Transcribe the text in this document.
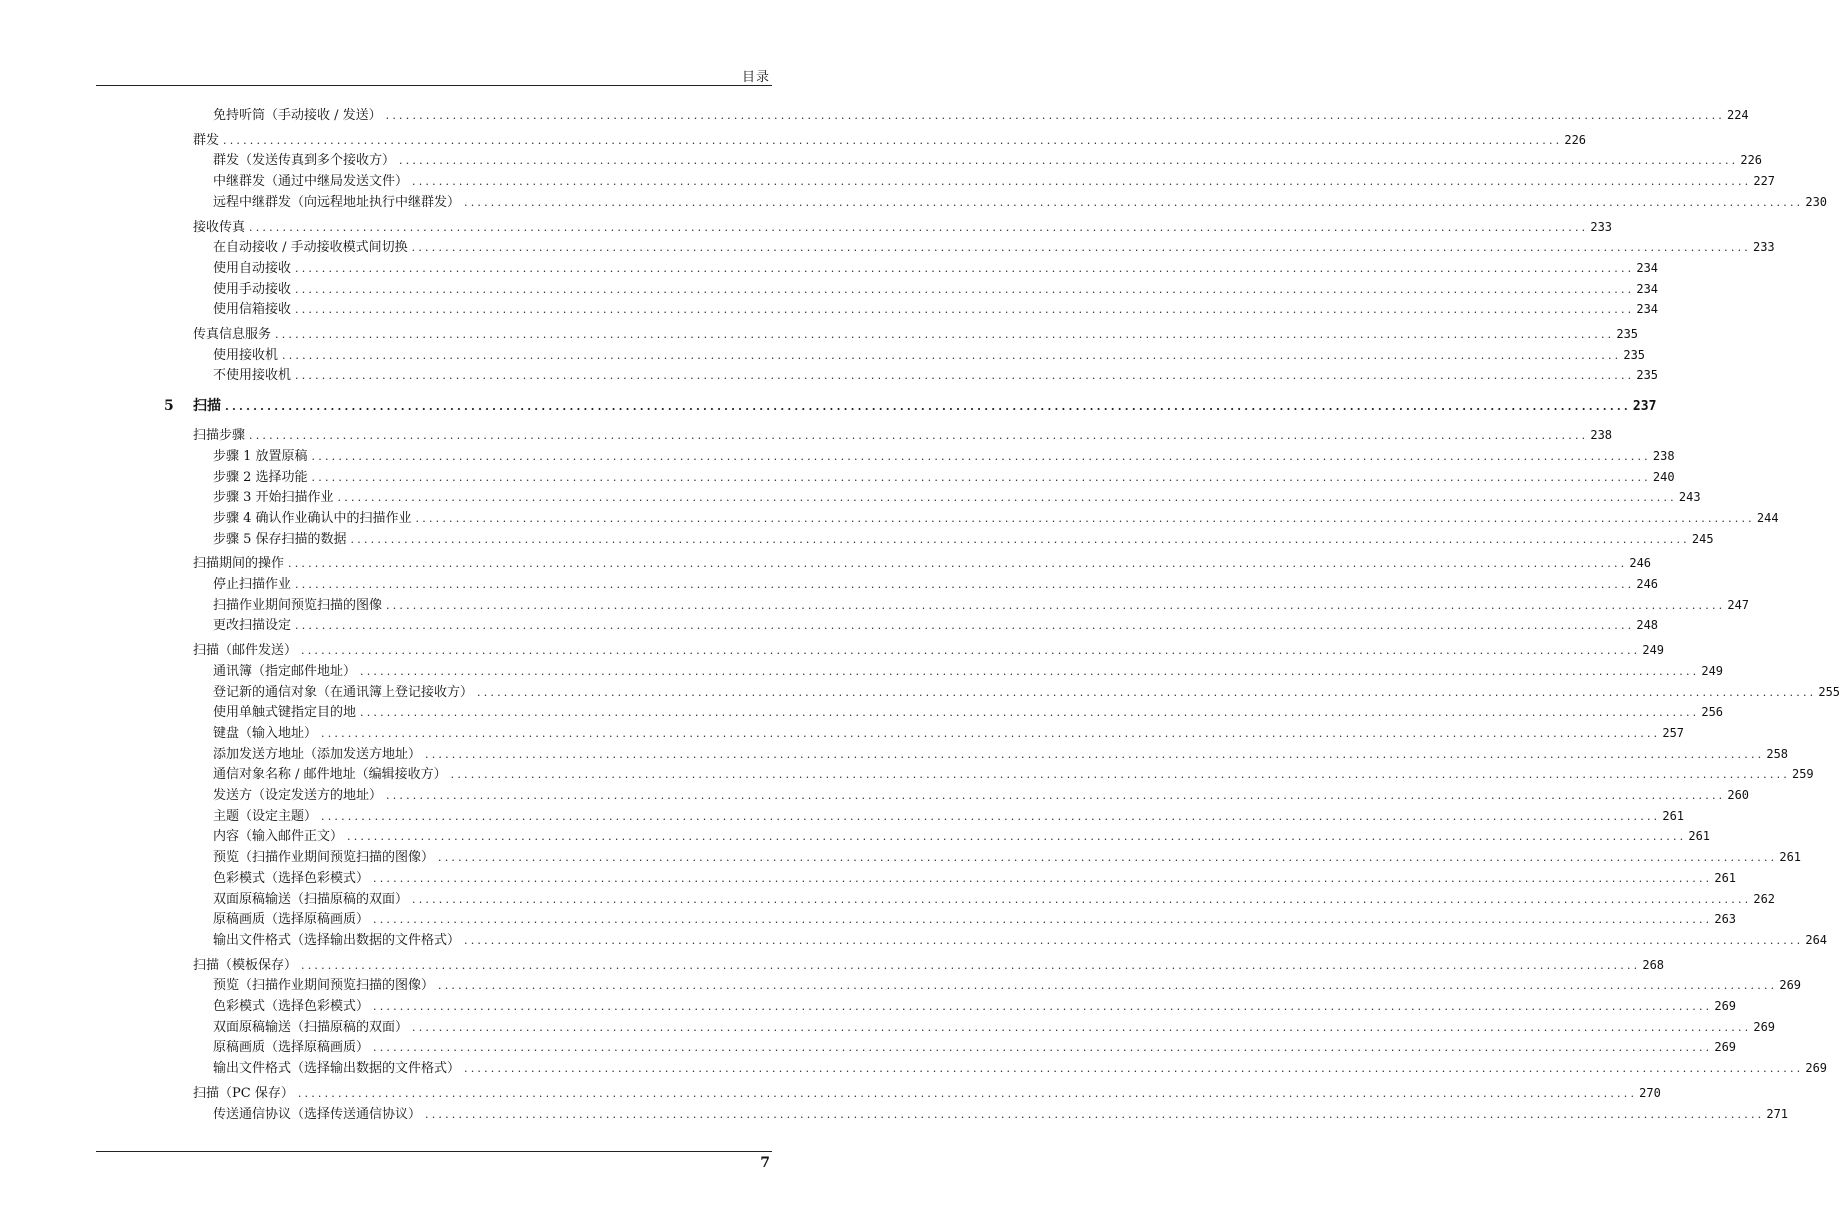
目录
免持听筒（手动接收 / 发送） ........................................................................................................................................................................................................ 224
群发 ........................................................................................................................................................................................................ 226
群发（发送传真到多个接收方） ........................................................................................................................................................................................................ 226
中继群发（通过中继局发送文件） ........................................................................................................................................................................................................ 227
远程中继群发（向远程地址执行中继群发） ........................................................................................................................................................................................................ 230
接收传真 ........................................................................................................................................................................................................ 233
在自动接收 / 手动接收模式间切换 ........................................................................................................................................................................................................ 233
使用自动接收 ........................................................................................................................................................................................................ 234
使用手动接收 ........................................................................................................................................................................................................ 234
使用信箱接收 ........................................................................................................................................................................................................ 234
传真信息服务 ........................................................................................................................................................................................................ 235
使用接收机 ........................................................................................................................................................................................................ 235
不使用接收机 ........................................................................................................................................................................................................ 235
5 扫描 ........................................................................................................................................................................................................ 237
扫描步骤 ........................................................................................................................................................................................................ 238
步骤 1 放置原稿 ........................................................................................................................................................................................................ 238
步骤 2 选择功能 ........................................................................................................................................................................................................ 240
步骤 3 开始扫描作业 ........................................................................................................................................................................................................ 243
步骤 4 确认作业确认中的扫描作业 ........................................................................................................................................................................................................ 244
步骤 5 保存扫描的数据 ........................................................................................................................................................................................................ 245
扫描期间的操作 ........................................................................................................................................................................................................ 246
停止扫描作业 ........................................................................................................................................................................................................ 246
扫描作业期间预览扫描的图像 ........................................................................................................................................................................................................ 247
更改扫描设定 ........................................................................................................................................................................................................ 248
扫描（邮件发送） ........................................................................................................................................................................................................ 249
通讯簿（指定邮件地址） ........................................................................................................................................................................................................ 249
登记新的通信对象（在通讯簿上登记接收方） ........................................................................................................................................................................................................ 255
使用单触式键指定目的地 ........................................................................................................................................................................................................ 256
键盘（输入地址） ........................................................................................................................................................................................................ 257
添加发送方地址（添加发送方地址） ........................................................................................................................................................................................................ 258
通信对象名称 / 邮件地址（编辑接收方） ........................................................................................................................................................................................................ 259
发送方（设定发送方的地址） ........................................................................................................................................................................................................ 260
主题（设定主题） ........................................................................................................................................................................................................ 261
内容（输入邮件正文） ........................................................................................................................................................................................................ 261
预览（扫描作业期间预览扫描的图像） ........................................................................................................................................................................................................ 261
色彩模式（选择色彩模式） ........................................................................................................................................................................................................ 261
双面原稿输送（扫描原稿的双面） ........................................................................................................................................................................................................ 262
原稿画质（选择原稿画质） ........................................................................................................................................................................................................ 263
输出文件格式（选择输出数据的文件格式） ........................................................................................................................................................................................................ 264
扫描（模板保存） ........................................................................................................................................................................................................ 268
预览（扫描作业期间预览扫描的图像） ........................................................................................................................................................................................................ 269
色彩模式（选择色彩模式） ........................................................................................................................................................................................................ 269
双面原稿输送（扫描原稿的双面） ........................................................................................................................................................................................................ 269
原稿画质（选择原稿画质） ........................................................................................................................................................................................................ 269
输出文件格式（选择输出数据的文件格式） ........................................................................................................................................................................................................ 269
扫描（PC 保存） ........................................................................................................................................................................................................ 270
传送通信协议（选择传送通信协议） ........................................................................................................................................................................................................ 271
7
